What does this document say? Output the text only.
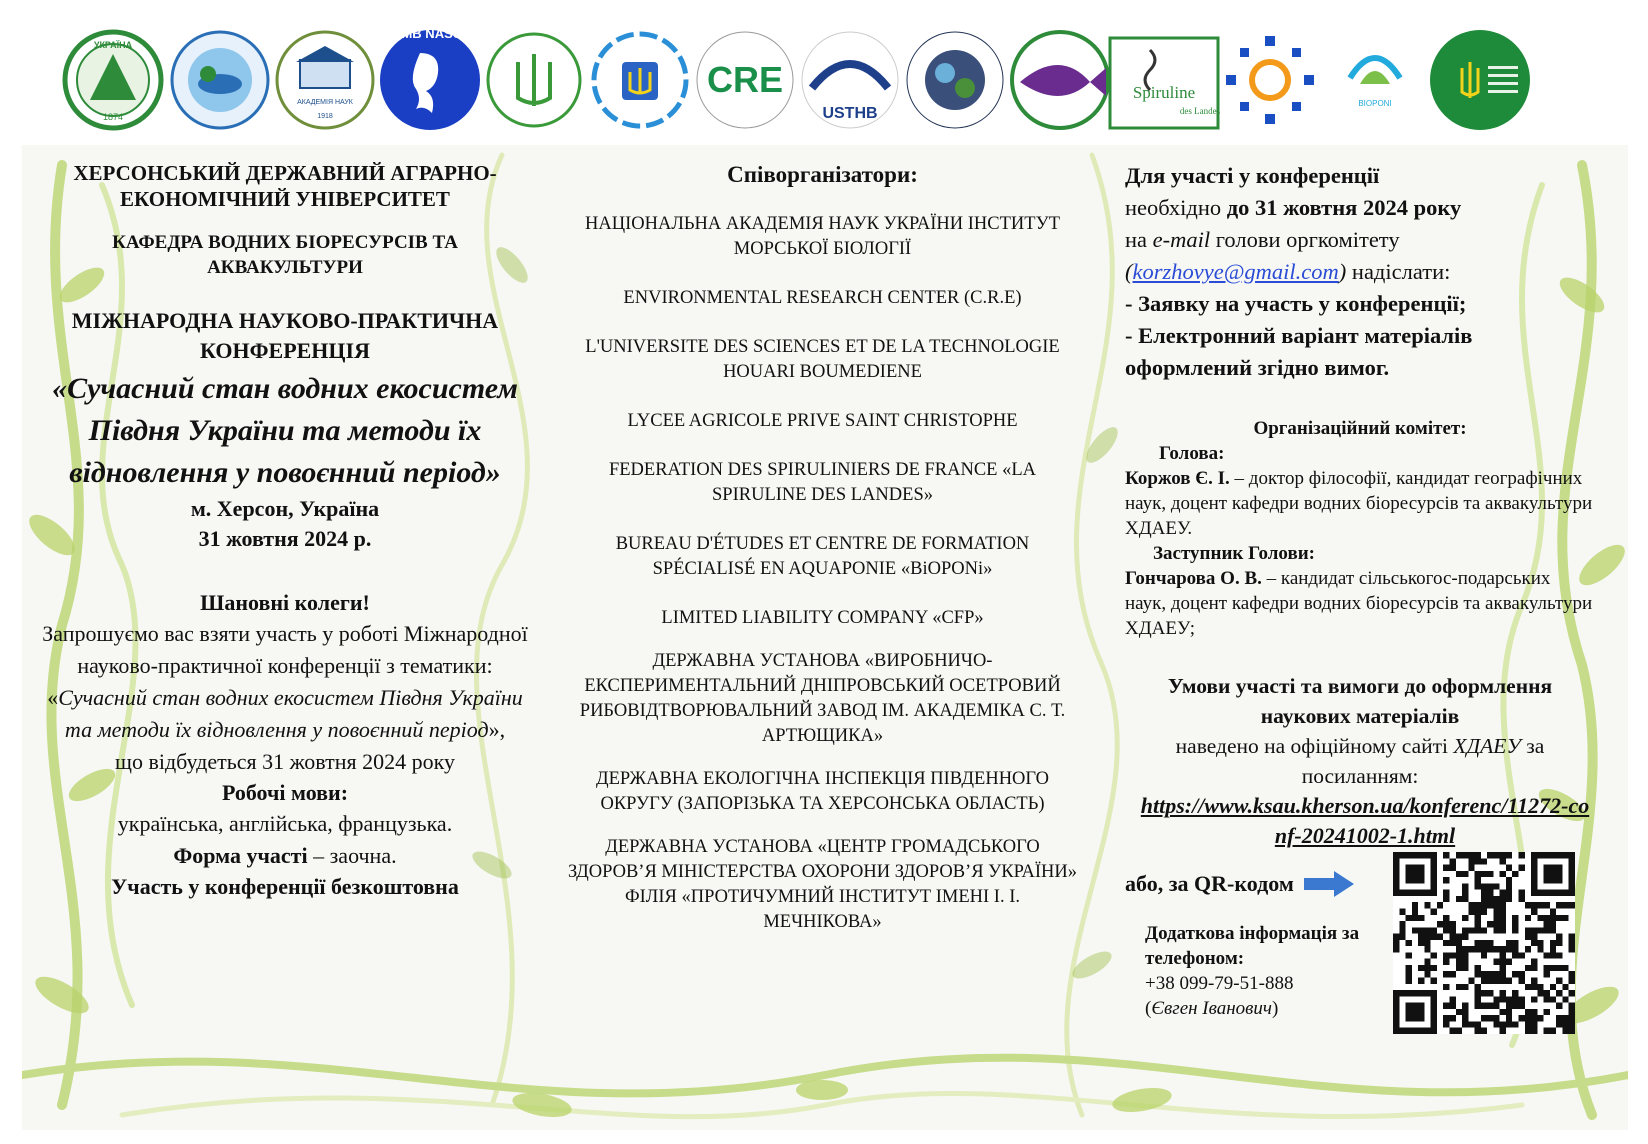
УКРАЇНА
1874
АКАДЕМІЯ НАУК
1918
IMB NASU
CRE
USTHB
Spiruline
des Landes
BIOPONI

ХЕРСОНСЬКИЙ ДЕРЖАВНИЙ АГРАРНО-ЕКОНОМІЧНИЙ УНІВЕРСИТЕТ

КАФЕДРА ВОДНИХ БІОРЕСУРСІВ ТА АКВАКУЛЬТУРИ

МІЖНАРОДНА НАУКОВО-ПРАКТИЧНА КОНФЕРЕНЦІЯ

«Сучасний стан водних екосистем Півдня України та методи їх відновлення у повоєнний період»

м. Херсон, Україна

31 жовтня 2024 р.

Шановні колеги!

Запрошуємо вас взяти участь у роботі Міжнародної науково-практичної конференції з тематики:

«Сучасний стан водних екосистем Півдня України та методи їх відновлення у повоєнний період»,

що відбудеться 31 жовтня 2024 року

Робочі мови:

українська, англійська, французька.

Форма участі – заочна.

Участь у конференції безкоштовна

Співорганізатори:

НАЦІОНАЛЬНА АКАДЕМІЯ НАУК УКРАЇНИ ІНСТИТУТ МОРСЬКОЇ БІОЛОГІЇ

ENVIRONMENTAL RESEARCH CENTER (C.R.E)

L'UNIVERSITE DES SCIENCES ET DE LA TECHNOLOGIE HOUARI BOUMEDIENE

LYCEE AGRICOLE PRIVE SAINT CHRISTOPHE

FEDERATION DES SPIRULINIERS DE FRANCE «LA SPIRULINE DES LANDES»

BUREAU D'ÉTUDES ET CENTRE DE FORMATION SPÉCIALISÉ EN AQUAPONIE «BiOPONi»

LIMITED LIABILITY COMPANY «CFP»

ДЕРЖАВНА УСТАНОВА «ВИРОБНИЧО-ЕКСПЕРИМЕНТАЛЬНИЙ ДНІПРОВСЬКИЙ ОСЕТРОВИЙ РИБОВІДТВОРЮВАЛЬНИЙ ЗАВОД ІМ. АКАДЕМІКА С. Т. АРТЮЩИКА»

ДЕРЖАВНА ЕКОЛОГІЧНА ІНСПЕКЦІЯ ПІВДЕННОГО ОКРУГУ (ЗАПОРІЗЬКА ТА ХЕРСОНСЬКА ОБЛАСТЬ)

ДЕРЖАВНА УСТАНОВА «ЦЕНТР ГРОМАДСЬКОГО ЗДОРОВ’Я МІНІСТЕРСТВА ОХОРОНИ ЗДОРОВ’Я УКРАЇНИ» ФІЛІЯ «ПРОТИЧУМНИЙ ІНСТИТУТ ІМЕНІ І. І. МЕЧНІКОВА»

Для участі у конференції

необхідно до 31 жовтня 2024 року

на e-mail голови оргкомітету

(korzhovye@gmail.com) надіслати:

- Заявку на участь у конференції;

- Електронний варіант матеріалів оформлений згідно вимог.

Організаційний комітет:

Голова:

Коржов Є. І. – доктор філософії, кандидат географічних наук, доцент кафедри водних біоресурсів та аквакультури ХДАЕУ.

Заступник Голови:

Гончарова О. В. – кандидат сільськогос-подарських наук, доцент кафедри водних біоресурсів та аквакультури ХДАЕУ;

Умови участі та вимоги до оформлення наукових матеріалів

наведено на офіційному сайті ХДАЕУ за посиланням:

https://www.ksau.kherson.ua/konferenc/11272-conf-20241002-1.html

або, за QR-кодом

Додаткова інформація за телефоном:

+38 099-79-51-888

(Євген Іванович)
